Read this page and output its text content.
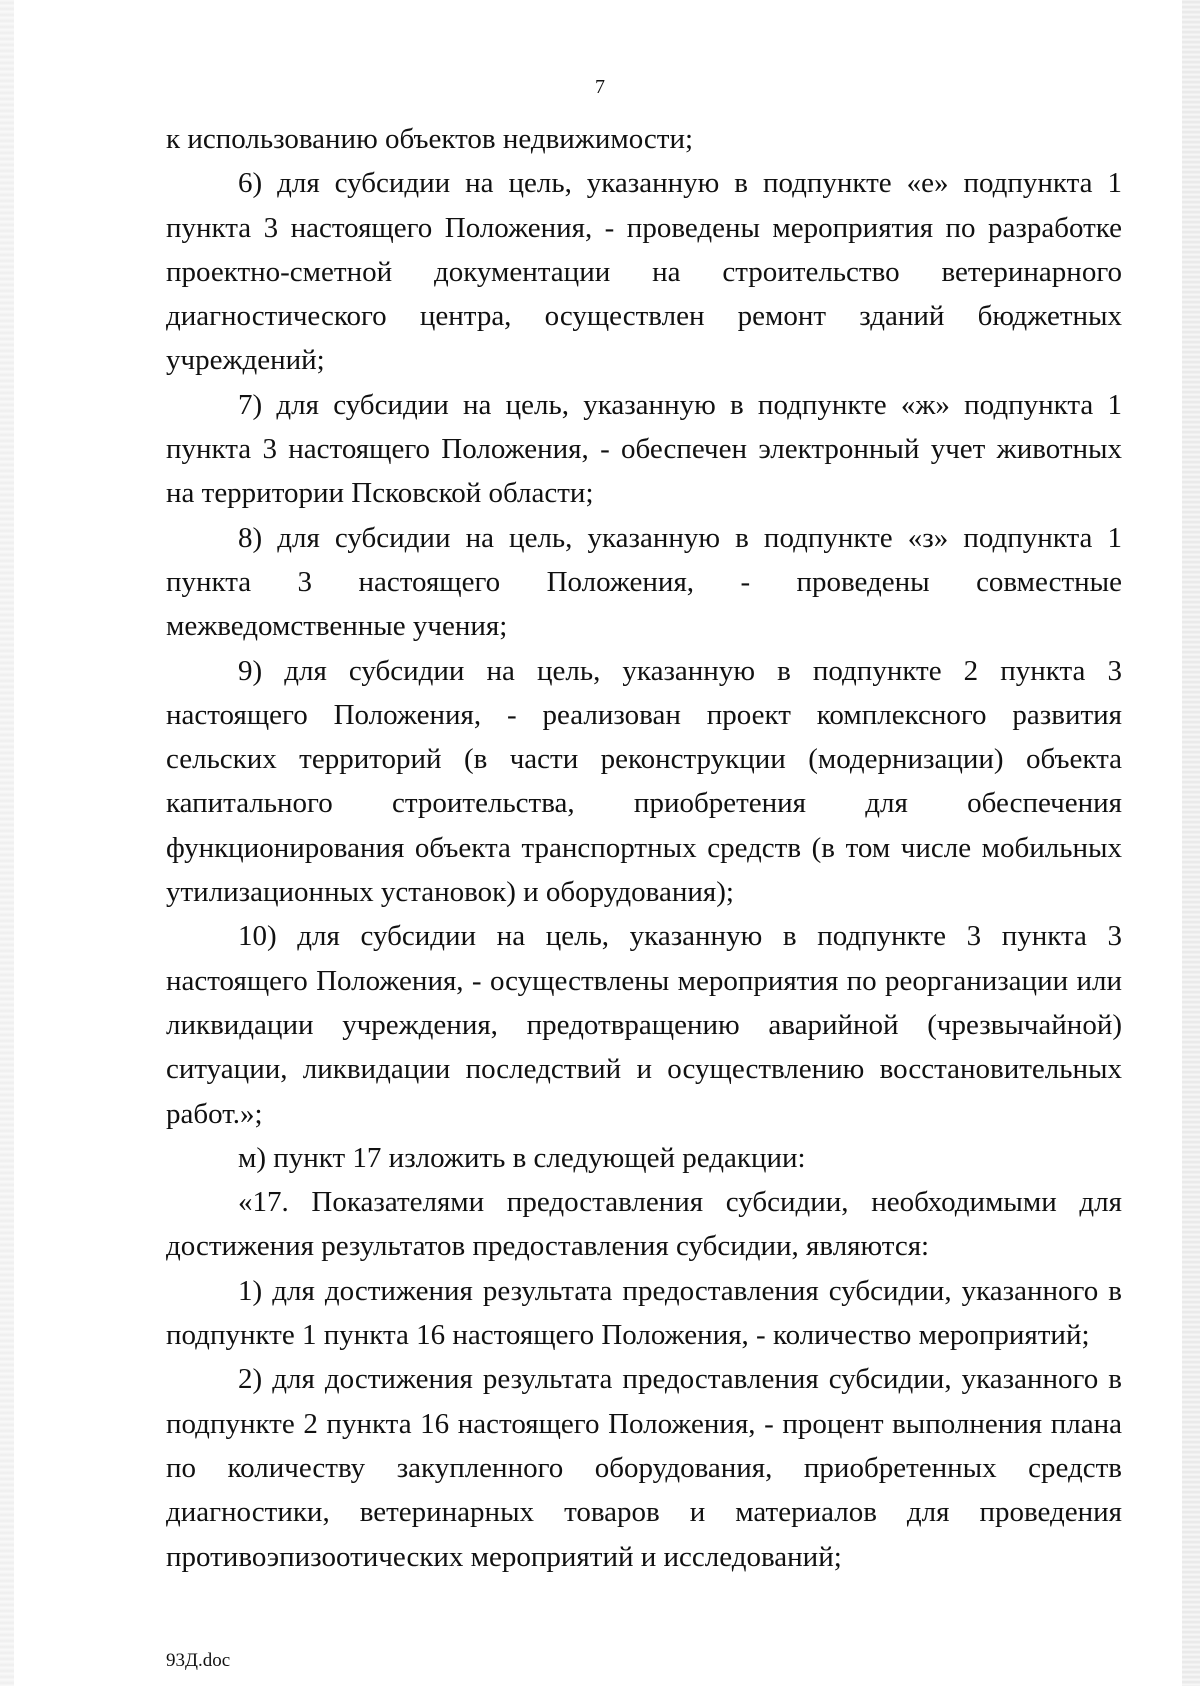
7

к использованию объектов недвижимости;

6) для субсидии на цель, указанную в подпункте «е» подпункта 1 пункта 3 настоящего Положения, - проведены мероприятия по разработке проектно-сметной документации на строительство ветеринарного диагностического центра, осуществлен ремонт зданий бюджетных учреждений;

7) для субсидии на цель, указанную в подпункте «ж» подпункта 1 пункта 3 настоящего Положения, - обеспечен электронный учет животных на территории Псковской области;

8) для субсидии на цель, указанную в подпункте «з» подпункта 1 пункта 3 настоящего Положения, - проведены совместные межведомственные учения;

9) для субсидии на цель, указанную в подпункте 2 пункта 3 настоящего Положения, - реализован проект комплексного развития сельских территорий (в части реконструкции (модернизации) объекта капитального строительства, приобретения для обеспечения функционирования объекта транспортных средств (в том числе мобильных утилизационных установок) и оборудования);

10) для субсидии на цель, указанную в подпункте 3 пункта 3 настоящего Положения, - осуществлены мероприятия по реорганизации или ликвидации учреждения, предотвращению аварийной (чрезвычайной) ситуации, ликвидации последствий и осуществлению восстановительных работ.»;

м) пункт 17 изложить в следующей редакции:

«17. Показателями предоставления субсидии, необходимыми для достижения результатов предоставления субсидии, являются:

1) для достижения результата предоставления субсидии, указанного в подпункте 1 пункта 16 настоящего Положения, - количество мероприятий;

2) для достижения результата предоставления субсидии, указанного в подпункте 2 пункта 16 настоящего Положения, - процент выполнения плана по количеству закупленного оборудования, приобретенных средств диагностики, ветеринарных товаров и материалов для проведения противоэпизоотических мероприятий и исследований;

93Д.doc
